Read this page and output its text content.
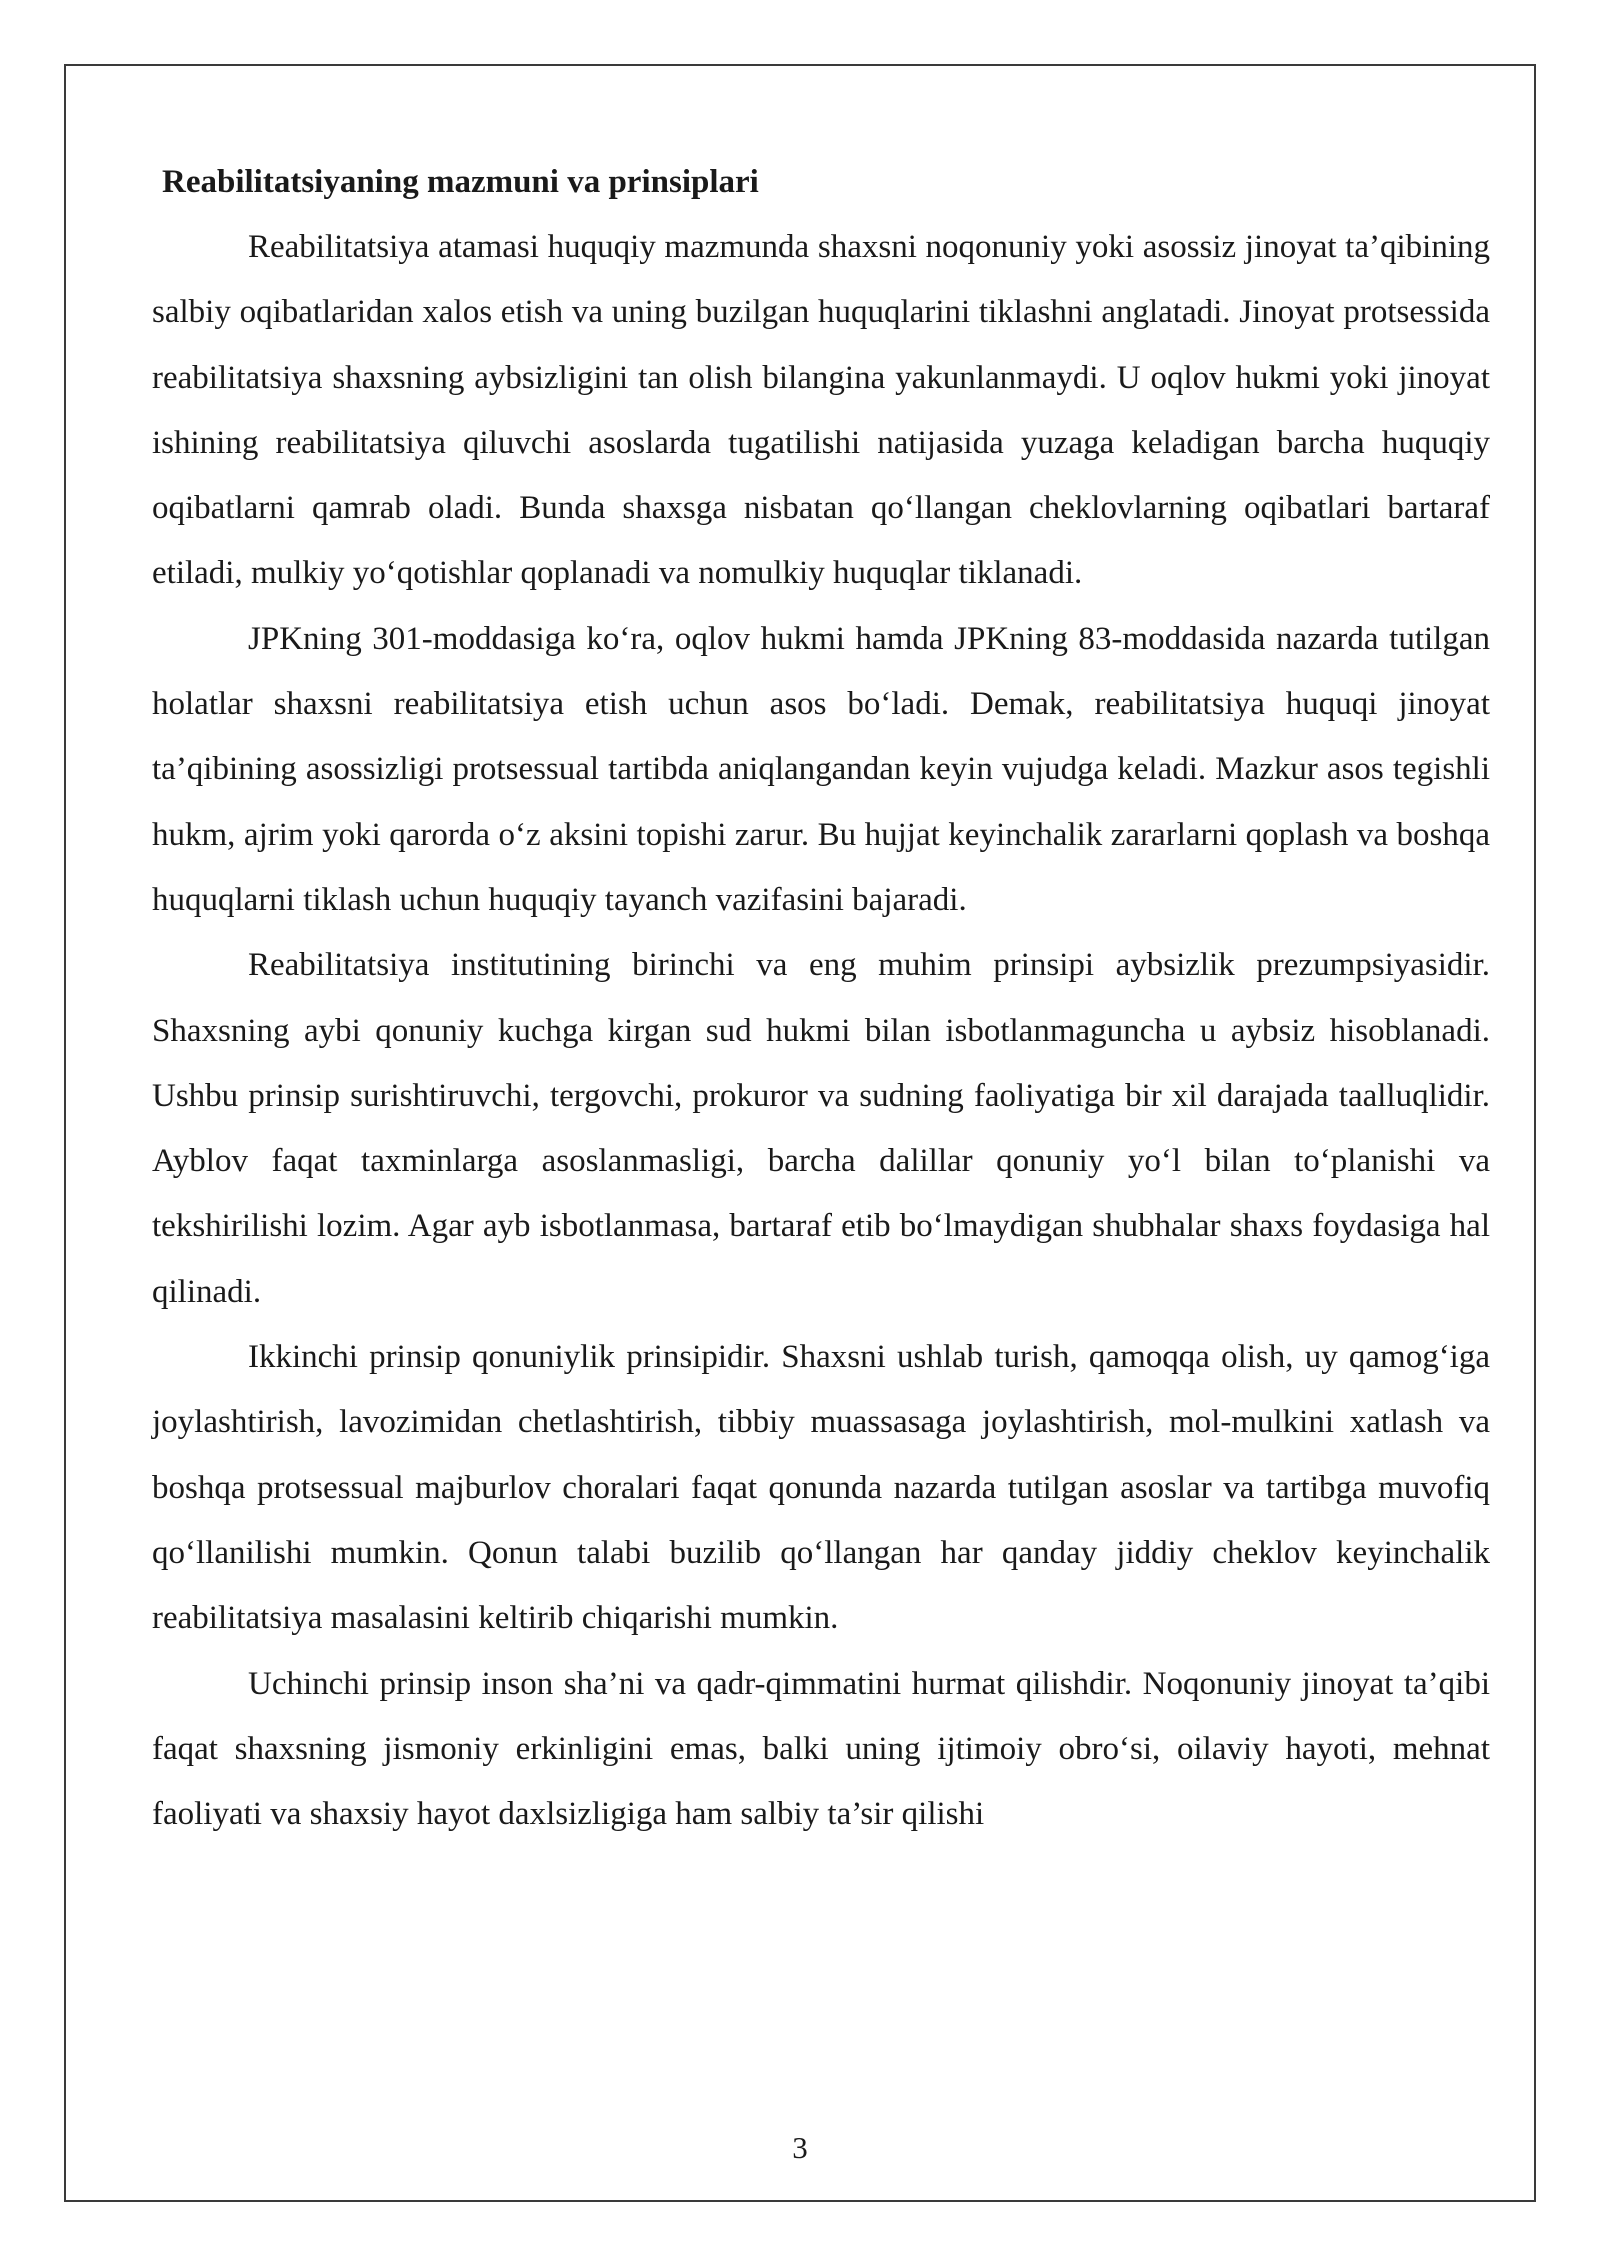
Reabilitatsiyaning mazmuni va prinsiplari

Reabilitatsiya atamasi huquqiy mazmunda shaxsni noqonuniy yoki asossiz jinoyat ta’qibining salbiy oqibatlaridan xalos etish va uning buzilgan huquqlarini tiklashni anglatadi. Jinoyat protsessida reabilitatsiya shaxsning aybsizligini tan olish bilangina yakunlanmaydi. U oqlov hukmi yoki jinoyat ishining reabilitatsiya qiluvchi asoslarda tugatilishi natijasida yuzaga keladigan barcha huquqiy oqibatlarni qamrab oladi. Bunda shaxsga nisbatan qo‘llangan cheklovlarning oqibatlari bartaraf etiladi, mulkiy yo‘qotishlar qoplanadi va nomulkiy huquqlar tiklanadi.

JPKning 301-moddasiga ko‘ra, oqlov hukmi hamda JPKning 83-moddasida nazarda tutilgan holatlar shaxsni reabilitatsiya etish uchun asos bo‘ladi. Demak, reabilitatsiya huquqi jinoyat ta’qibining asossizligi protsessual tartibda aniqlangandan keyin vujudga keladi. Mazkur asos tegishli hukm, ajrim yoki qarorda o‘z aksini topishi zarur. Bu hujjat keyinchalik zararlarni qoplash va boshqa huquqlarni tiklash uchun huquqiy tayanch vazifasini bajaradi.

Reabilitatsiya institutining birinchi va eng muhim prinsipi aybsizlik prezumpsiyasidir. Shaxsning aybi qonuniy kuchga kirgan sud hukmi bilan isbotlanmaguncha u aybsiz hisoblanadi. Ushbu prinsip surishtiruvchi, tergovchi, prokuror va sudning faoliyatiga bir xil darajada taalluqlidir. Ayblov faqat taxminlarga asoslanmasligi, barcha dalillar qonuniy yo‘l bilan to‘planishi va tekshirilishi lozim. Agar ayb isbotlanmasa, bartaraf etib bo‘lmaydigan shubhalar shaxs foydasiga hal qilinadi.

Ikkinchi prinsip qonuniylik prinsipidir. Shaxsni ushlab turish, qamoqqa olish, uy qamog‘iga joylashtirish, lavozimidan chetlashtirish, tibbiy muassasaga joylashtirish, mol-mulkini xatlash va boshqa protsessual majburlov choralari faqat qonunda nazarda tutilgan asoslar va tartibga muvofiq qo‘llanilishi mumkin. Qonun talabi buzilib qo‘llangan har qanday jiddiy cheklov keyinchalik reabilitatsiya masalasini keltirib chiqarishi mumkin.

Uchinchi prinsip inson sha’ni va qadr-qimmatini hurmat qilishdir. Noqonuniy jinoyat ta’qibi faqat shaxsning jismoniy erkinligini emas, balki uning ijtimoiy obro‘si, oilaviy hayoti, mehnat faoliyati va shaxsiy hayot daxlsizligiga ham salbiy ta’sir qilishi

3
